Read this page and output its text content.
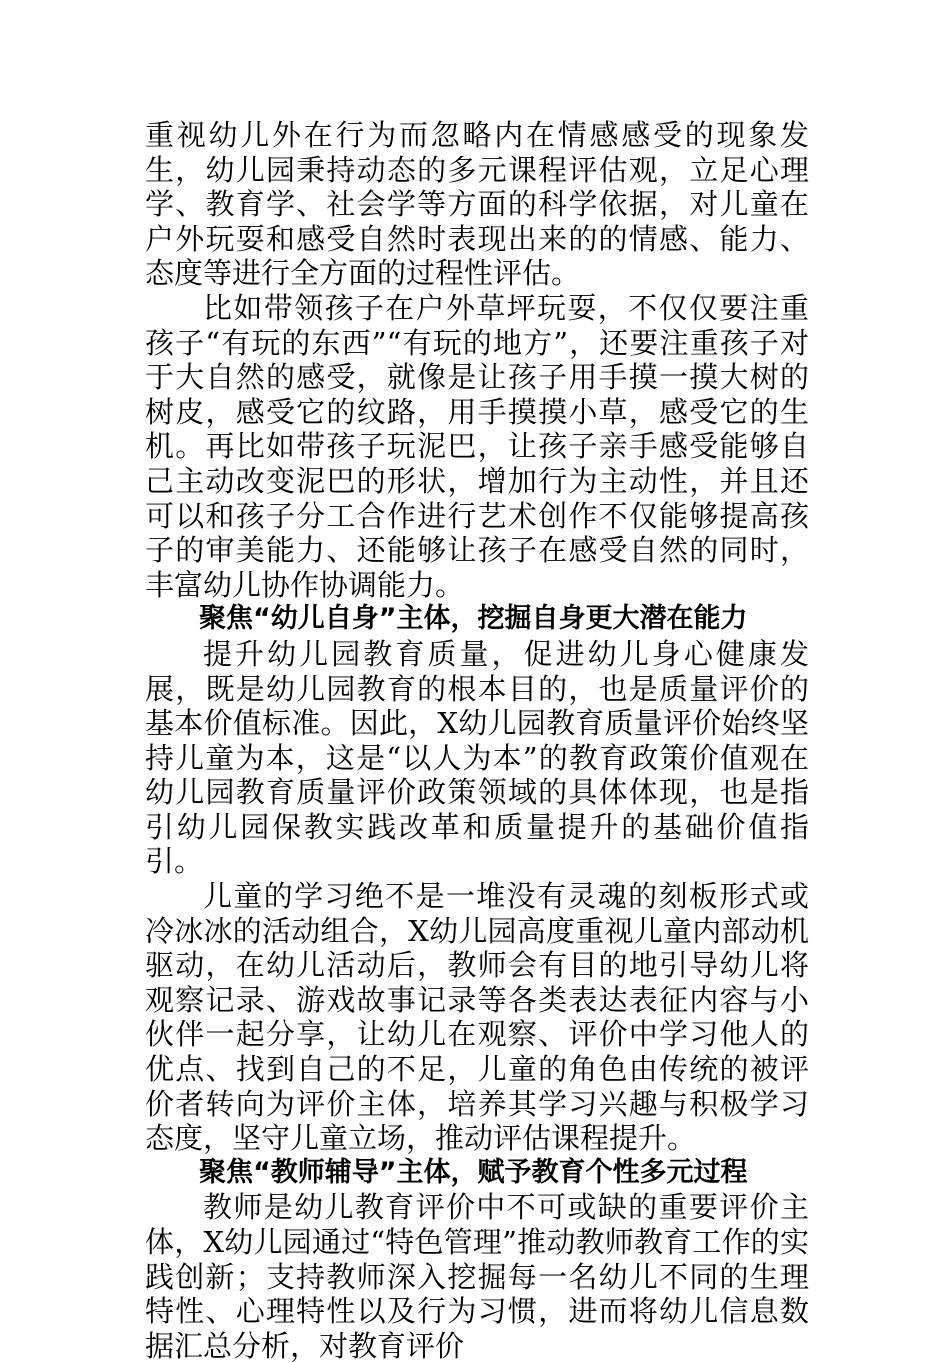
重视幼儿外在行为而忽略内在情感感受的现象发生，幼儿园秉持动态的多元课程评估观，立足心理学、教育学、社会学等方面的科学依据，对儿童在户外玩耍和感受自然时表现出来的的情感、能力、态度等进行全方面的过程性评估。

比如带领孩子在户外草坪玩耍，不仅仅要注重孩子“有玩的东西”“有玩的地方”，还要注重孩子对于大自然的感受，就像是让孩子用手摸一摸大树的树皮，感受它的纹路，用手摸摸小草，感受它的生机。再比如带孩子玩泥巴，让孩子亲手感受能够自己主动改变泥巴的形状，增加行为主动性，并且还可以和孩子分工合作进行艺术创作不仅能够提高孩子的审美能力、还能够让孩子在感受自然的同时，丰富幼儿协作协调能力。

聚焦“幼儿自身”主体，挖掘自身更大潜在能力

提升幼儿园教育质量，促进幼儿身心健康发展，既是幼儿园教育的根本目的，也是质量评价的基本价值标准。因此，X幼儿园教育质量评价始终坚持儿童为本，这是“以人为本”的教育政策价值观在幼儿园教育质量评价政策领域的具体体现，也是指引幼儿园保教实践改革和质量提升的基础价值指引。

儿童的学习绝不是一堆没有灵魂的刻板形式或冷冰冰的活动组合，X幼儿园高度重视儿童内部动机驱动，在幼儿活动后，教师会有目的地引导幼儿将观察记录、游戏故事记录等各类表达表征内容与小伙伴一起分享，让幼儿在观察、评价中学习他人的优点、找到自己的不足，儿童的角色由传统的被评价者转向为评价主体，培养其学习兴趣与积极学习态度，坚守儿童立场，推动评估课程提升。

聚焦“教师辅导”主体，赋予教育个性多元过程

教师是幼儿教育评价中不可或缺的重要评价主体，X幼儿园通过“特色管理”推动教师教育工作的实践创新；支持教师深入挖掘每一名幼儿不同的生理特性、心理特性以及行为习惯，进而将幼儿信息数据汇总分析，对教育评价
